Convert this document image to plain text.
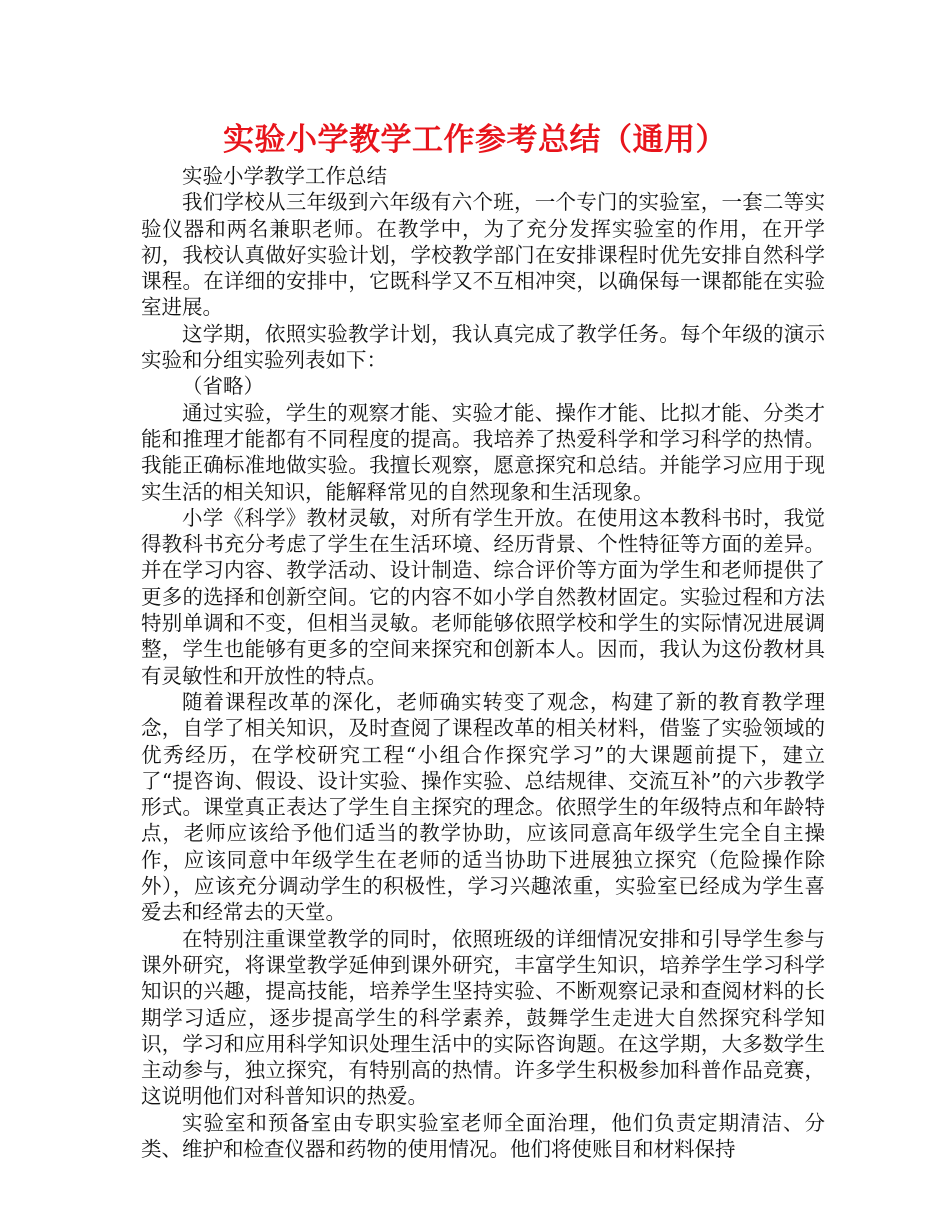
实验小学教学工作参考总结（通用）

实验小学教学工作总结

我们学校从三年级到六年级有六个班，一个专门的实验室，一套二等实验仪器和两名兼职老师。在教学中，为了充分发挥实验室的作用，在开学初，我校认真做好实验计划，学校教学部门在安排课程时优先安排自然科学课程。在详细的安排中，它既科学又不互相冲突，以确保每一课都能在实验室进展。

这学期，依照实验教学计划，我认真完成了教学任务。每个年级的演示实验和分组实验列表如下：

（省略）

通过实验，学生的观察才能、实验才能、操作才能、比拟才能、分类才能和推理才能都有不同程度的提高。我培养了热爱科学和学习科学的热情。我能正确标准地做实验。我擅长观察，愿意探究和总结。并能学习应用于现实生活的相关知识，能解释常见的自然现象和生活现象。

小学《科学》教材灵敏，对所有学生开放。在使用这本教科书时，我觉得教科书充分考虑了学生在生活环境、经历背景、个性特征等方面的差异。并在学习内容、教学活动、设计制造、综合评价等方面为学生和老师提供了更多的选择和创新空间。它的内容不如小学自然教材固定。实验过程和方法特别单调和不变，但相当灵敏。老师能够依照学校和学生的实际情况进展调整，学生也能够有更多的空间来探究和创新本人。因而，我认为这份教材具有灵敏性和开放性的特点。

随着课程改革的深化，老师确实转变了观念，构建了新的教育教学理念，自学了相关知识，及时查阅了课程改革的相关材料，借鉴了实验领域的优秀经历，在学校研究工程“小组合作探究学习”的大课题前提下，建立了“提咨询、假设、设计实验、操作实验、总结规律、交流互补”的六步教学形式。课堂真正表达了学生自主探究的理念。依照学生的年级特点和年龄特点，老师应该给予他们适当的教学协助，应该同意高年级学生完全自主操作，应该同意中年级学生在老师的适当协助下进展独立探究（危险操作除外），应该充分调动学生的积极性，学习兴趣浓重，实验室已经成为学生喜爱去和经常去的天堂。

在特别注重课堂教学的同时，依照班级的详细情况安排和引导学生参与课外研究，将课堂教学延伸到课外研究，丰富学生知识，培养学生学习科学知识的兴趣，提高技能，培养学生坚持实验、不断观察记录和查阅材料的长期学习适应，逐步提高学生的科学素养，鼓舞学生走进大自然探究科学知识，学习和应用科学知识处理生活中的实际咨询题。在这学期，大多数学生主动参与，独立探究，有特别高的热情。许多学生积极参加科普作品竞赛，这说明他们对科普知识的热爱。

实验室和预备室由专职实验室老师全面治理，他们负责定期清洁、分类、维护和检查仪器和药物的使用情况。他们将使账目和材料保持
